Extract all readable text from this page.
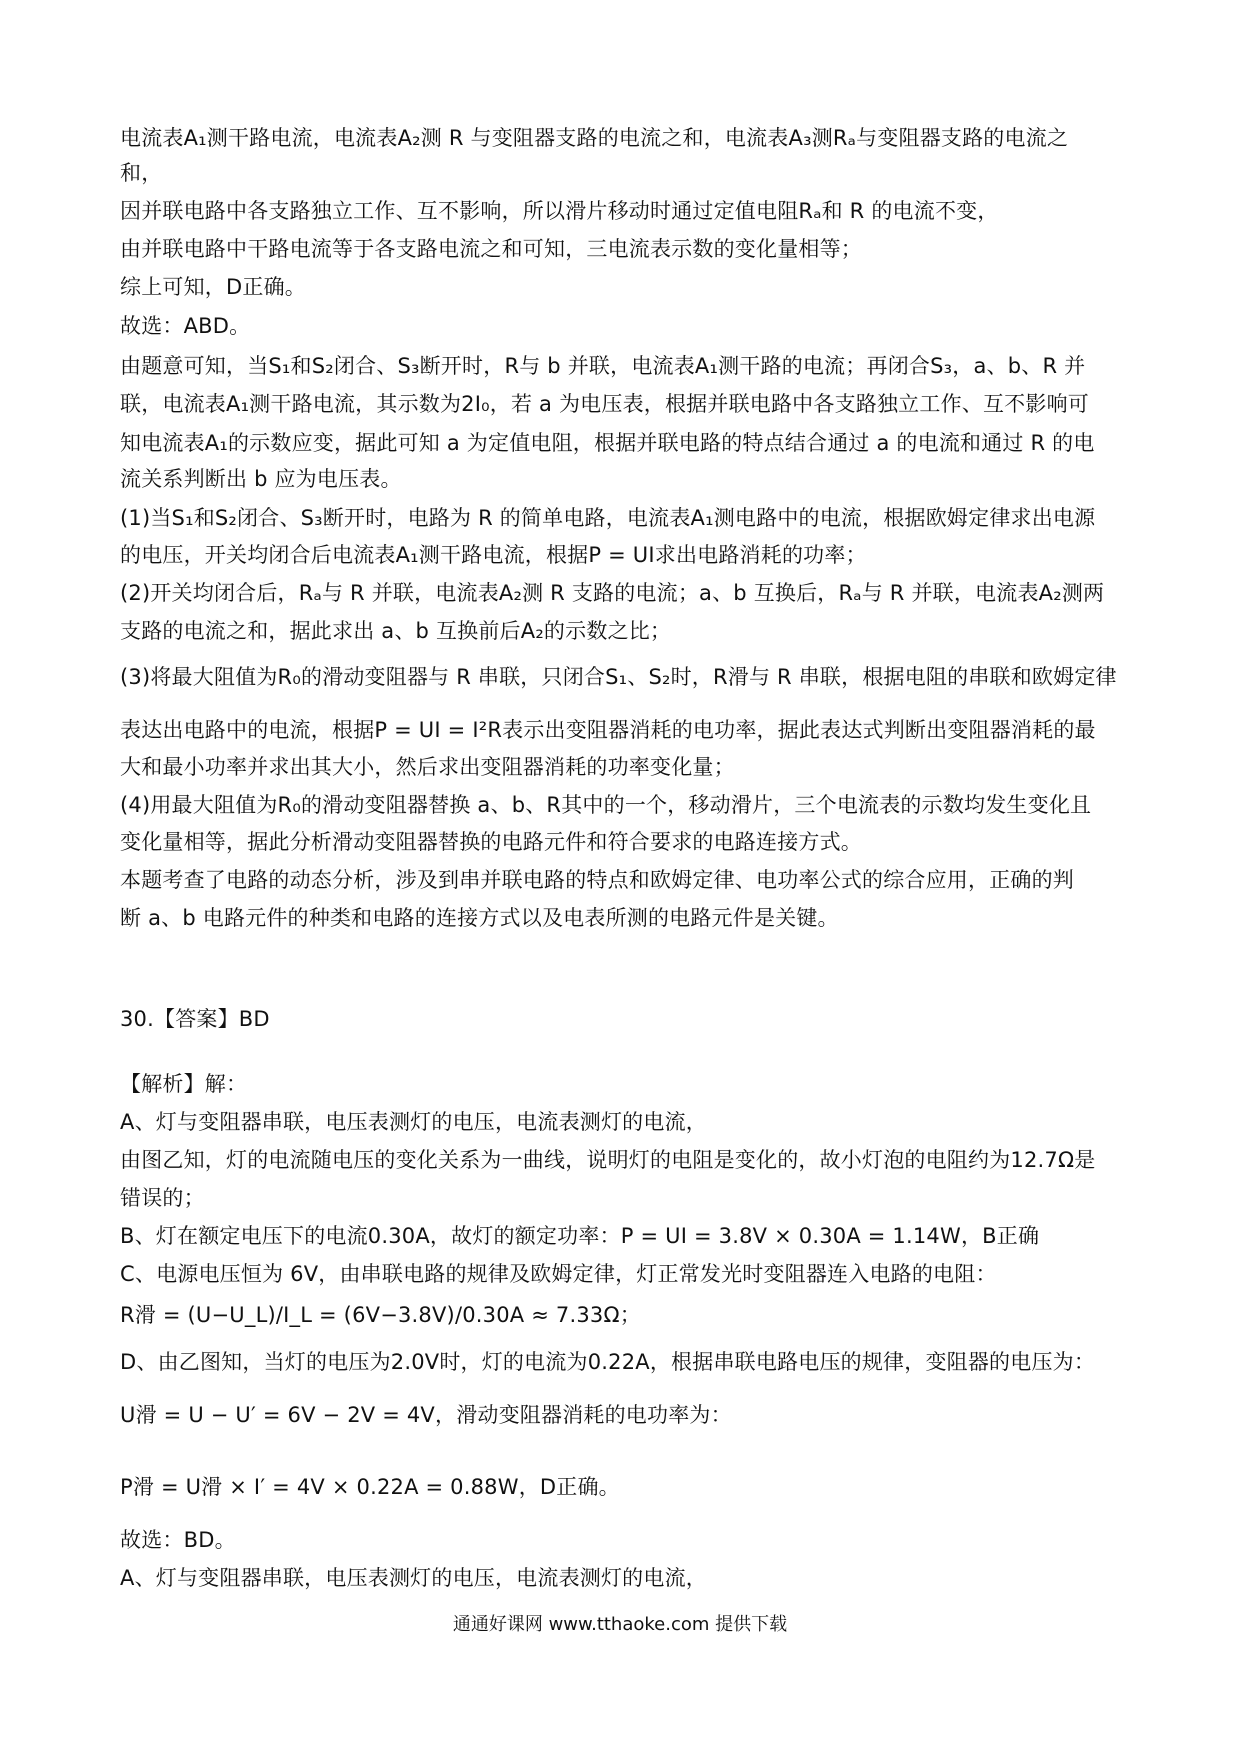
电流表A₁测干路电流，电流表A₂测 R 与变阻器支路的电流之和，电流表A₃测Rₐ与变阻器支路的电流之
和，
因并联电路中各支路独立工作、互不影响，所以滑片移动时通过定值电阻Rₐ和 R 的电流不变，
由并联电路中干路电流等于各支路电流之和可知，三电流表示数的变化量相等；
综上可知，D正确。
故选：ABD。
由题意可知，当S₁和S₂闭合、S₃断开时，R与 b 并联，电流表A₁测干路的电流；再闭合S₃，a、b、R 并
联，电流表A₁测干路电流，其示数为2I₀，若 a 为电压表，根据并联电路中各支路独立工作、互不影响可
知电流表A₁的示数应变，据此可知 a 为定值电阻，根据并联电路的特点结合通过 a 的电流和通过 R 的电
流关系判断出 b 应为电压表。
(1)当S₁和S₂闭合、S₃断开时，电路为 R 的简单电路，电流表A₁测电路中的电流，根据欧姆定律求出电源
的电压，开关均闭合后电流表A₁测干路电流，根据P = UI求出电路消耗的功率；
(2)开关均闭合后，Rₐ与 R 并联，电流表A₂测 R 支路的电流；a、b 互换后，Rₐ与 R 并联，电流表A₂测两
支路的电流之和，据此求出 a、b 互换前后A₂的示数之比；
(3)将最大阻值为R₀的滑动变阻器与 R 串联，只闭合S₁、S₂时，R滑与 R 串联，根据电阻的串联和欧姆定律
表达出电路中的电流，根据P = UI = I²R表示出变阻器消耗的电功率，据此表达式判断出变阻器消耗的最
大和最小功率并求出其大小，然后求出变阻器消耗的功率变化量；
(4)用最大阻值为R₀的滑动变阻器替换 a、b、R其中的一个，移动滑片，三个电流表的示数均发生变化且
变化量相等，据此分析滑动变阻器替换的电路元件和符合要求的电路连接方式。
本题考查了电路的动态分析，涉及到串并联电路的特点和欧姆定律、电功率公式的综合应用，正确的判
断 a、b 电路元件的种类和电路的连接方式以及电表所测的电路元件是关键。
30.【答案】BD
【解析】解：
A、灯与变阻器串联，电压表测灯的电压，电流表测灯的电流，
由图乙知，灯的电流随电压的变化关系为一曲线，说明灯的电阻是变化的，故小灯泡的电阻约为12.7Ω是
错误的；
B、灯在额定电压下的电流0.30A，故灯的额定功率：P = UI = 3.8V × 0.30A = 1.14W，B正确
C、电源电压恒为 6V，由串联电路的规律及欧姆定律，灯正常发光时变阻器连入电路的电阻：
R滑 = (U−U_L)/I_L = (6V−3.8V)/0.30A ≈ 7.33Ω；
D、由乙图知，当灯的电压为2.0V时，灯的电流为0.22A，根据串联电路电压的规律，变阻器的电压为：
U滑 = U − U′ = 6V − 2V = 4V，滑动变阻器消耗的电功率为：
P滑 = U滑 × I′ = 4V × 0.22A = 0.88W，D正确。
故选：BD。
A、灯与变阻器串联，电压表测灯的电压，电流表测灯的电流，
通通好课网 www.tthaoke.com 提供下载
